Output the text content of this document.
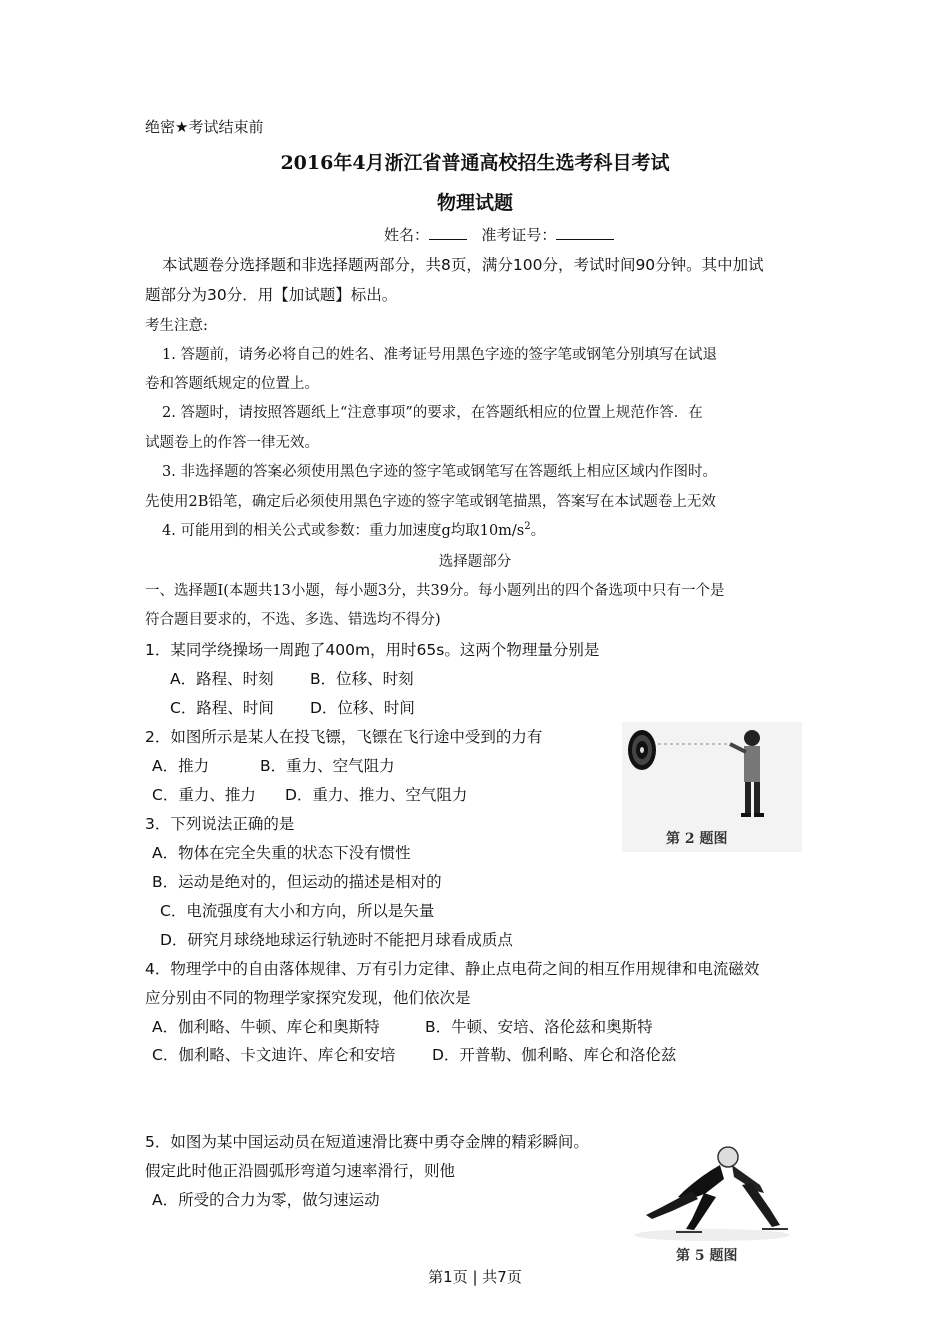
绝密★考试结束前
2016年4月浙江省普通高校招生选考科目考试
物理试题
姓名：	准考证号：
本试题卷分选择题和非选择题两部分，共8页，满分100分，考试时间90分钟。其中加试
题部分为30分．用【加试题】标出。
考生注意:
1. 答题前，请务必将自己的姓名、准考证号用黑色字迹的签字笔或钢笔分别填写在试退
卷和答题纸规定的位置上。
2. 答题时，请按照答题纸上“注意事项”的要求，在答题纸相应的位置上规范作答．在
试题卷上的作答一律无效。
3. 非选择题的答案必须使用黑色字迹的签字笔或钢笔写在答题纸上相应区域内作图时。
先使用2B铅笔，确定后必须使用黑色字迹的签字笔或钢笔描黑，答案写在本试题卷上无效
4. 可能用到的相关公式或参数：重力加速度g均取$10m/s^2$。
选择题部分
一、选择题I(本题共13小题，每小题3分，共39分。每小题列出的四个备选项中只有一个是
符合题目要求的，不选、多选、错选均不得分)
1．某同学绕操场一周跑了400m，用时65s。这两个物理量分别是
A．路程、时刻 B．位移、时刻
C．路程、时间 D．位移、时间
2．如图所示是某人在投飞镖，飞镖在飞行途中受到的力有
A．推力	B．重力、空气阻力
C．重力、推力 D．重力、推力、空气阻力
第 2 题图
3．下列说法正确的是
A．物体在完全失重的状态下没有惯性
B．运动是绝对的，但运动的描述是相对的
C．电流强度有大小和方向，所以是矢量
D．研究月球绕地球运行轨迹时不能把月球看成质点
4．物理学中的自由落体规律、万有引力定律、静止点电荷之间的相互作用规律和电流磁效
应分别由不同的物理学家探究发现，他们依次是
A．伽利略、牛顿、库仑和奥斯特	B．牛顿、安培、洛伦兹和奥斯特
C．伽利略、卡文迪许、库仑和安培 D．开普勒、伽利略、库仑和洛伦兹
5．如图为某中国运动员在短道速滑比赛中勇夺金牌的精彩瞬间。
假定此时他正沿圆弧形弯道匀速率滑行，则他
A．所受的合力为零，做匀速运动
第 5 题图
第1页 | 共7页
